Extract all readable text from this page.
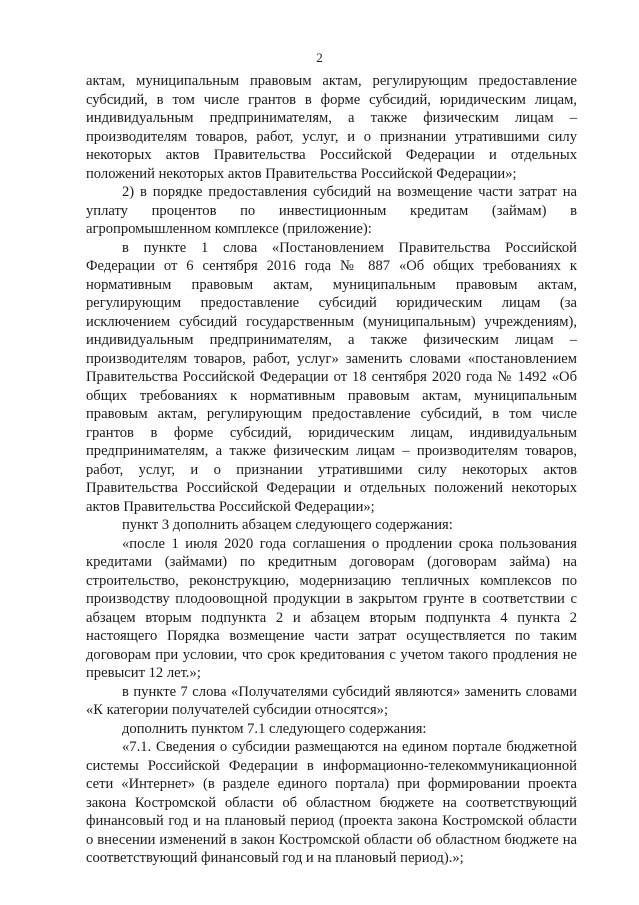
2

актам, муниципальным правовым актам, регулирующим предоставление субсидий, в том числе грантов в форме субсидий, юридическим лицам, индивидуальным предпринимателям, а также физическим лицам – производителям товаров, работ, услуг, и о признании утратившими силу некоторых актов Правительства Российской Федерации и отдельных положений некоторых актов Правительства Российской Федерации»;

2) в порядке предоставления субсидий на возмещение части затрат на уплату процентов по инвестиционным кредитам (займам) в агропромышленном комплексе (приложение):

в пункте 1 слова «Постановлением Правительства Российской Федерации от 6 сентября 2016 года № 887 «Об общих требованиях к нормативным правовым актам, муниципальным правовым актам, регулирующим предоставление субсидий юридическим лицам (за исключением субсидий государственным (муниципальным) учреждениям), индивидуальным предпринимателям, а также физическим лицам – производителям товаров, работ, услуг» заменить словами «постановлением Правительства Российской Федерации от 18 сентября 2020 года № 1492 «Об общих требованиях к нормативным правовым актам, муниципальным правовым актам, регулирующим предоставление субсидий, в том числе грантов в форме субсидий, юридическим лицам, индивидуальным предпринимателям, а также физическим лицам – производителям товаров, работ, услуг, и о признании утратившими силу некоторых актов Правительства Российской Федерации и отдельных положений некоторых актов Правительства Российской Федерации»;

пункт 3 дополнить абзацем следующего содержания:

«после 1 июля 2020 года соглашения о продлении срока пользования кредитами (займами) по кредитным договорам (договорам займа) на строительство, реконструкцию, модернизацию тепличных комплексов по производству плодоовощной продукции в закрытом грунте в соответствии с абзацем вторым подпункта 2 и абзацем вторым подпункта 4 пункта 2 настоящего Порядка возмещение части затрат осуществляется по таким договорам при условии, что срок кредитования с учетом такого продления не превысит 12 лет.»;

в пункте 7 слова «Получателями субсидий являются» заменить словами «К категории получателей субсидии относятся»;

дополнить пунктом 7.1 следующего содержания:

«7.1. Сведения о субсидии размещаются на едином портале бюджетной системы Российской Федерации в информационно-телекоммуникационной сети «Интернет» (в разделе единого портала) при формировании проекта закона Костромской области об областном бюджете на соответствующий финансовый год и на плановый период (проекта закона Костромской области о внесении изменений в закон Костромской области об областном бюджете на соответствующий финансовый год и на плановый период).»;
